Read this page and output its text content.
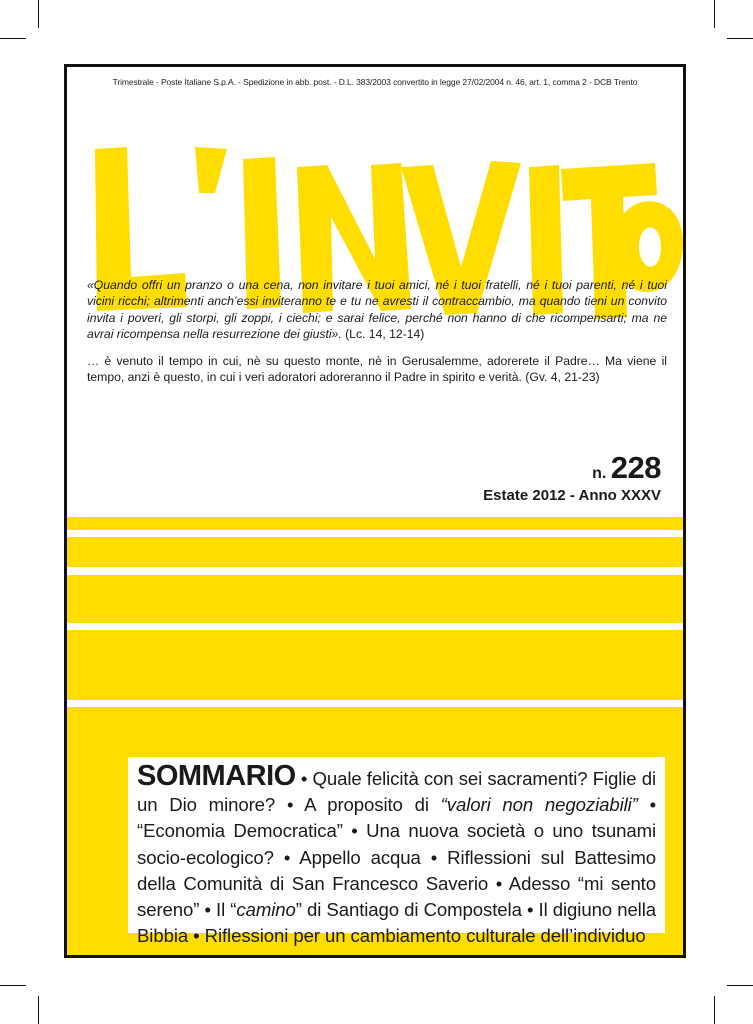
Trimestrale - Poste Italiane S.p.A. - Spedizione in abb. post. - D.L. 383/2003 convertito in legge 27/02/2004 n. 46, art. 1, comma 2 - DCB Trento
«Quando offri un pranzo o una cena, non invitare i tuoi amici, né i tuoi fratelli, né i tuoi parenti, né i tuoi vicini ricchi; altrimenti anch’essi inviteranno te e tu ne avresti il contraccambio, ma quando tieni un convito invita i poveri, gli storpi, gli zoppi, i ciechi; e sarai felice, perché non hanno di che ricompensarti; ma ne avrai ricompensa nella resurrezione dei giusti». (Lc. 14, 12-14)
… è venuto il tempo in cui, nè su questo monte, nè in Gerusalemme, adorerete il Padre… Ma viene il tempo, anzi è questo, in cui i veri adoratori adoreranno il Padre in spirito e verità. (Gv. 4, 21-23)
n. 228
Estate 2012 - Anno XXXV
SOMMARIO • Quale felicità con sei sacramenti? Figlie di un Dio minore? • A proposito di “valori non negoziabili” • “Economia Democratica” • Una nuova società o uno tsunami socio-ecologico? • Appello acqua • Riflessioni sul Battesimo della Comunità di San Francesco Saverio • Adesso “mi sento sereno” • Il “camino” di Santiago di Compostela • Il digiuno nella Bibbia • Riflessioni per un cambiamento culturale dell’individuo
